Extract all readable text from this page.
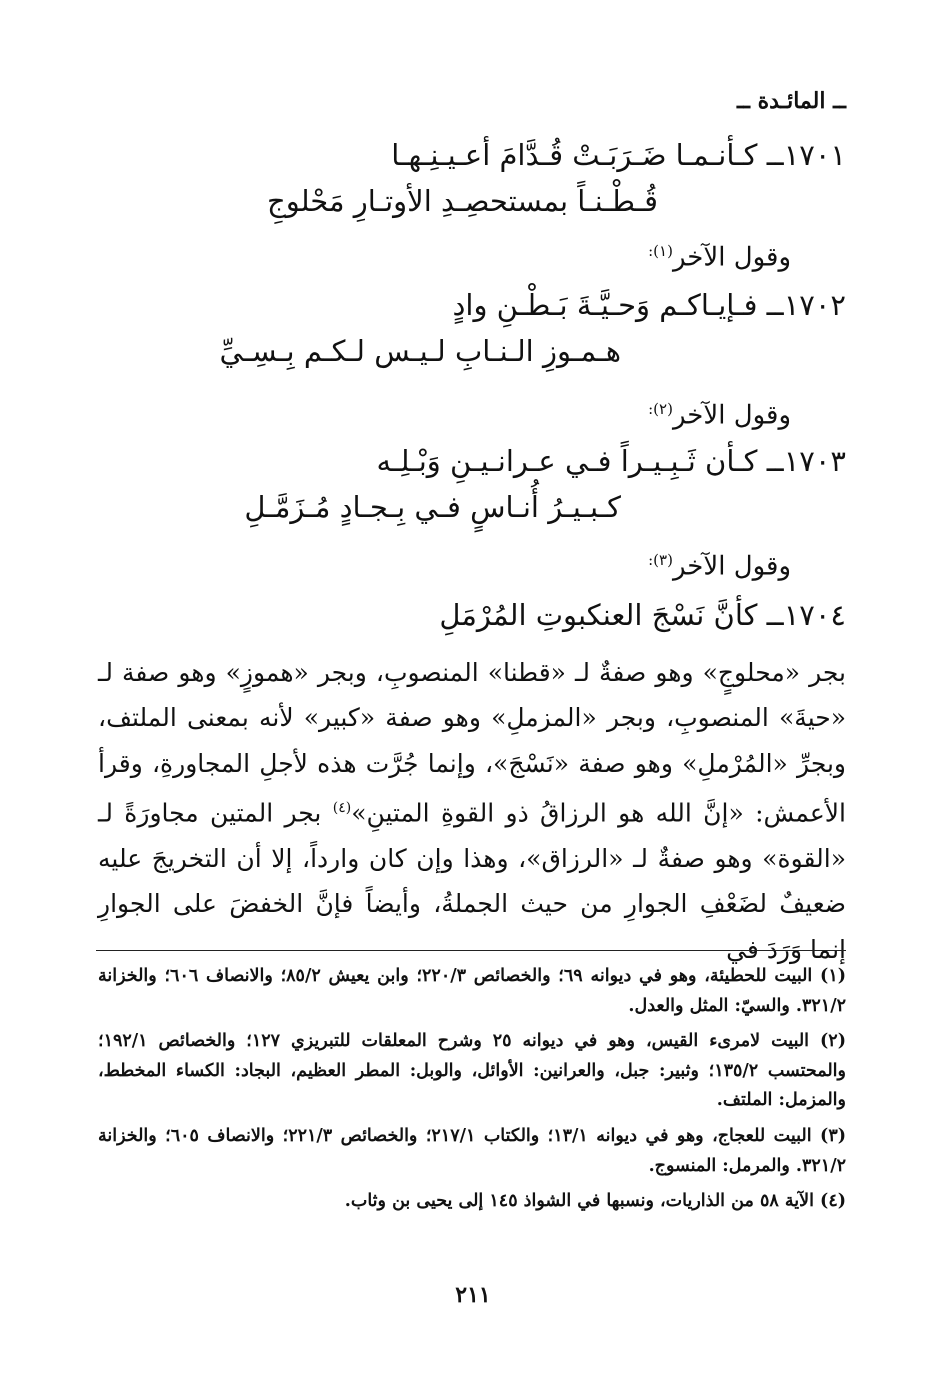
ــ المائـدة ــ
١٧٠١ــ كـأنـمـا ضَـرَبَـتْ قُـدَّامَ أعـيـنِـهـا
قُـطْـنـاً بمستحصِـدِ الأوتـارِ مَحْلوجِ
وقول الآخر$^{(١):}$
١٧٠٢ــ فـإيـاكـم وَحـيَّـةَ بَـطْـنِ وادٍ
هـمـوزِ الـنـابِ لـيـس لـكـم بِـسِـيِّ
وقول الآخر$^{(٢):}$
١٧٠٣ــ كـأن ثَـبِـيـراً فـي عـرانـيـنِ وَبْـلِـه
كـبـيـرُ أُنـاسٍ فـي بِـجـادٍ مُـزَمَّـلِ
وقول الآخر$^{(٣):}$
١٧٠٤ــ كأنَّ نَسْجَ العنكبوتِ المُرْمَلِ
بجر «محلوجٍ» وهو صفةٌ لـ «قطنا» المنصوبِ، وبجر «هموزٍ» وهو صفة لـ «حيةَ» المنصوبِ، وبجر «المزملِ» وهو صفة «كبير» لأنه بمعنى الملتف، وبجرِّ «المُرْملِ» وهو صفة «نَسْجَ»، وإنما جُرَّت هذه لأجلِ المجاورةِ، وقرأ الأعمش: «إنَّ الله هو الرزاقُ ذو القوةِ المتينِ»$^{(٤)}$ بجر المتين مجاورَةً لـ «القوة» وهو صفةٌ لـ «الرزاق»، وهذا وإن كان وارداً، إلا أن التخريجَ عليه ضعيفٌ لضَعْفِ الجوارِ من حيث الجملةُ، وأيضاً فإنَّ الخفضَ على الجوارِ إنما وَرَدَ في
(١) البيت للحطيئة، وهو في ديوانه ٦٩؛ والخصائص ٢٢٠/٣؛ وابن يعيش ٨٥/٢؛ والانصاف ٦٠٦؛ والخزانة ٣٢١/٢. والسيّ: المثل والعدل.
(٢) البيت لامرىء القيس، وهو في ديوانه ٢٥ وشرح المعلقات للتبريزي ١٢٧؛ والخصائص ١٩٢/١؛ والمحتسب ١٣٥/٢؛ وثبير: جبل، والعرانين: الأوائل، والوبل: المطر العظيم، البجاد: الكساء المخطط، والمزمل: الملتف.
(٣) البيت للعجاج، وهو في ديوانه ١٣/١؛ والكتاب ٢١٧/١؛ والخصائص ٢٢١/٣؛ والانصاف ٦٠٥؛ والخزانة ٣٢١/٢. والمرمل: المنسوج.
(٤) الآية ٥٨ من الذاريات، ونسبها في الشواذ ١٤٥ إلى يحيى بن وثاب.
٢١١
